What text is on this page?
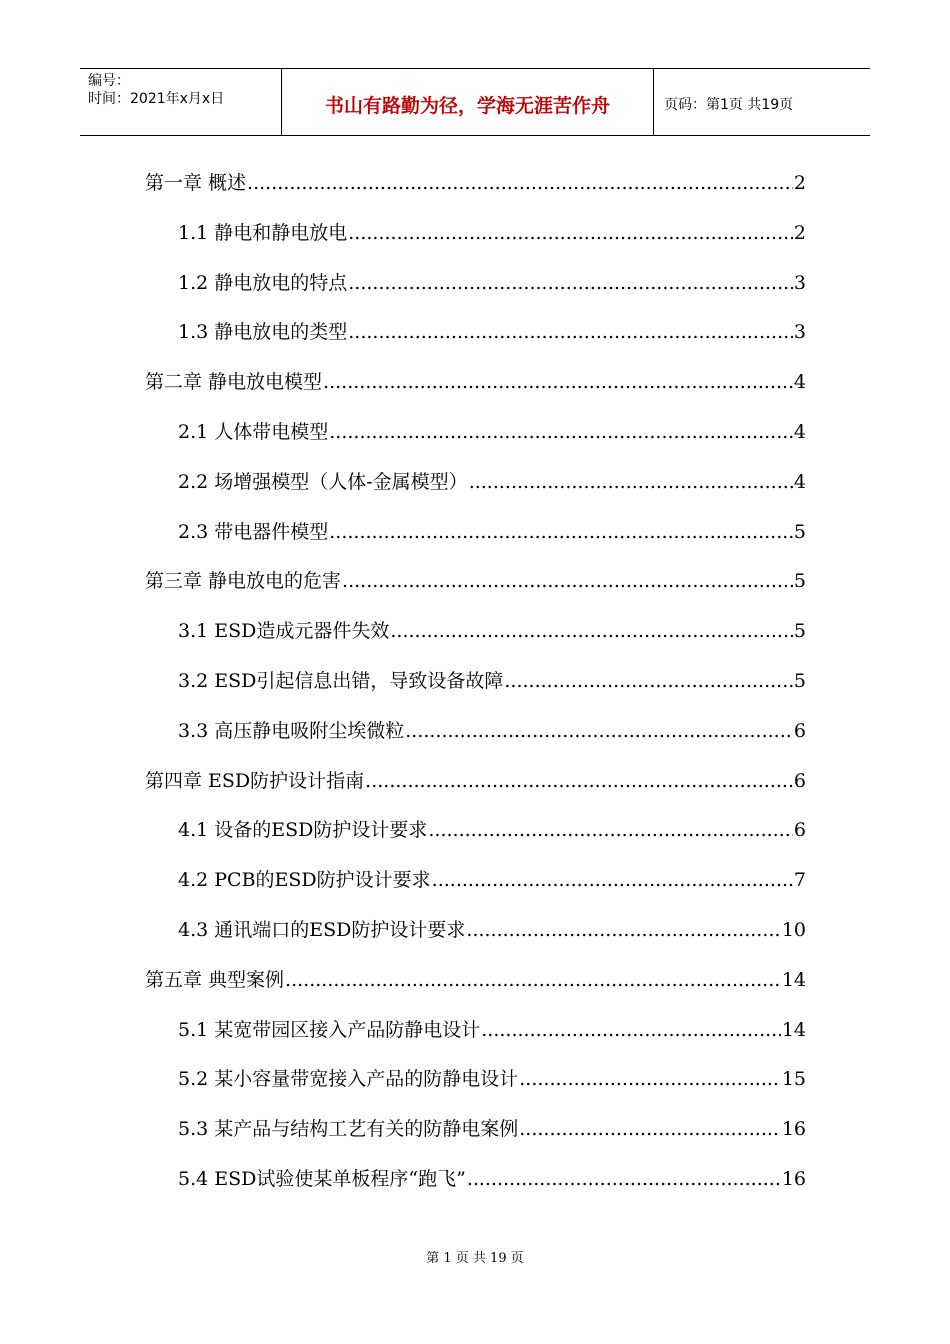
编号：
时间：2021年x月x日	书山有路勤为径，学海无涯苦作舟	页码：第1页 共19页
第一章 概述 .....	2
1.1 静电和静电放电 .....	2
1.2 静电放电的特点 .....	3
1.3 静电放电的类型 .....	3
第二章 静电放电模型 .....	4
2.1 人体带电模型 .....	4
2.2 场增强模型（人体-金属模型） .....	4
2.3 带电器件模型 .....	5
第三章 静电放电的危害 .....	5
3.1 ESD造成元器件失效 .....	5
3.2 ESD引起信息出错，导致设备故障 .....	5
3.3 高压静电吸附尘埃微粒 .....	6
第四章 ESD防护设计指南 .....	6
4.1 设备的ESD防护设计要求 .....	6
4.2 PCB的ESD防护设计要求 .....	7
4.3 通讯端口的ESD防护设计要求 .....	10
第五章 典型案例 .....	14
5.1 某宽带园区接入产品防静电设计 .....	14
5.2 某小容量带宽接入产品的防静电设计 .....	15
5.3 某产品与结构工艺有关的防静电案例 .....	16
5.4 ESD试验使某单板程序“跑飞” .....	16
第 1 页 共 19 页
